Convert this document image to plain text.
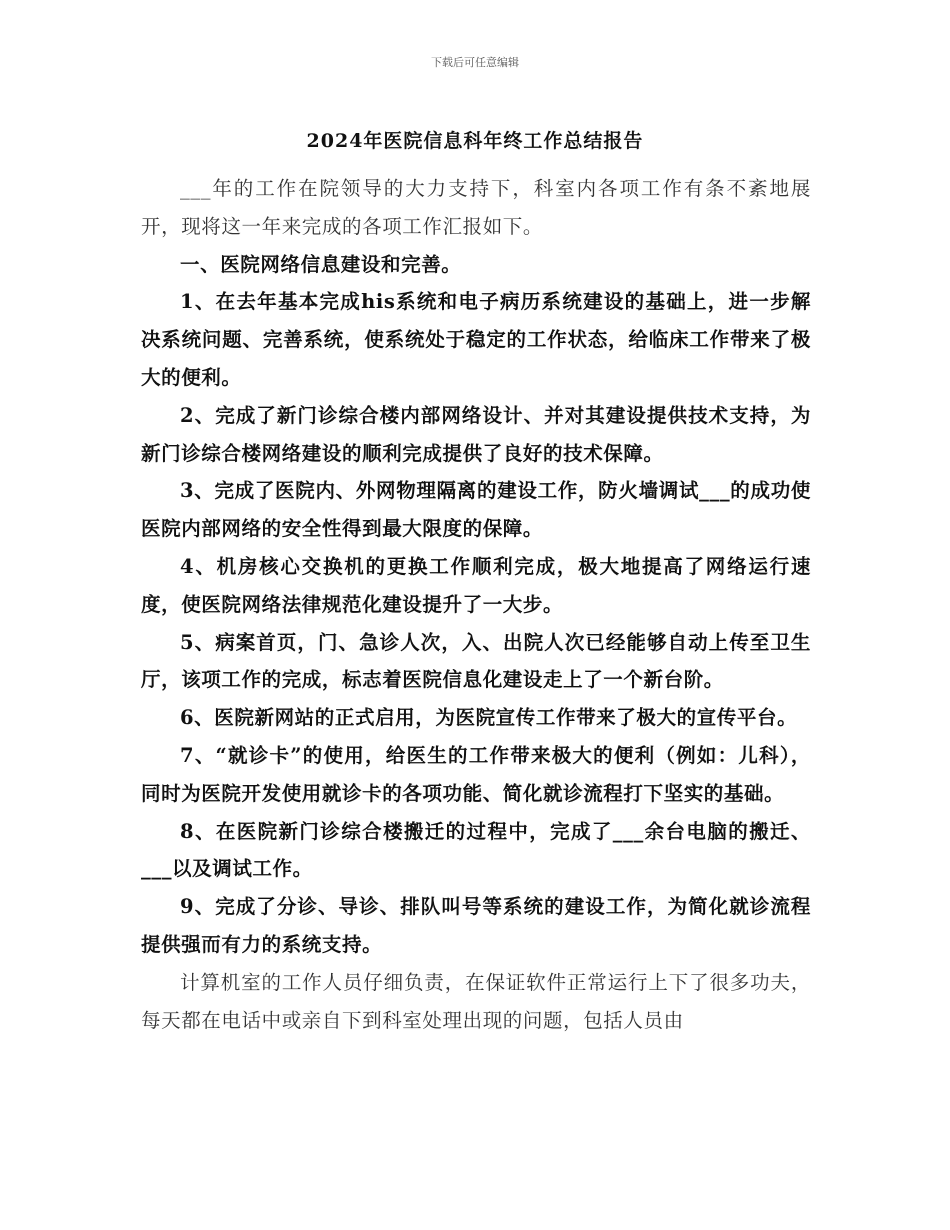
下载后可任意编辑
2024年医院信息科年终工作总结报告

___年的工作在院领导的大力支持下，科室内各项工作有条不紊地展开，现将这一年来完成的各项工作汇报如下。

一、医院网络信息建设和完善。

1、在去年基本完成his系统和电子病历系统建设的基础上，进一步解决系统问题、完善系统，使系统处于稳定的工作状态，给临床工作带来了极大的便利。

2、完成了新门诊综合楼内部网络设计、并对其建设提供技术支持，为新门诊综合楼网络建设的顺利完成提供了良好的技术保障。

3、完成了医院内、外网物理隔离的建设工作，防火墙调试___的成功使医院内部网络的安全性得到最大限度的保障。

4、机房核心交换机的更换工作顺利完成，极大地提高了网络运行速度，使医院网络法律规范化建设提升了一大步。

5、病案首页，门、急诊人次，入、出院人次已经能够自动上传至卫生厅，该项工作的完成，标志着医院信息化建设走上了一个新台阶。

6、医院新网站的正式启用，为医院宣传工作带来了极大的宣传平台。

7、“就诊卡”的使用，给医生的工作带来极大的便利（例如：儿科），同时为医院开发使用就诊卡的各项功能、简化就诊流程打下坚实的基础。

8、在医院新门诊综合楼搬迁的过程中，完成了___余台电脑的搬迁、___以及调试工作。

9、完成了分诊、导诊、排队叫号等系统的建设工作，为简化就诊流程提供强而有力的系统支持。

计算机室的工作人员仔细负责，在保证软件正常运行上下了很多功夫，每天都在电话中或亲自下到科室处理出现的问题，包括人员由
